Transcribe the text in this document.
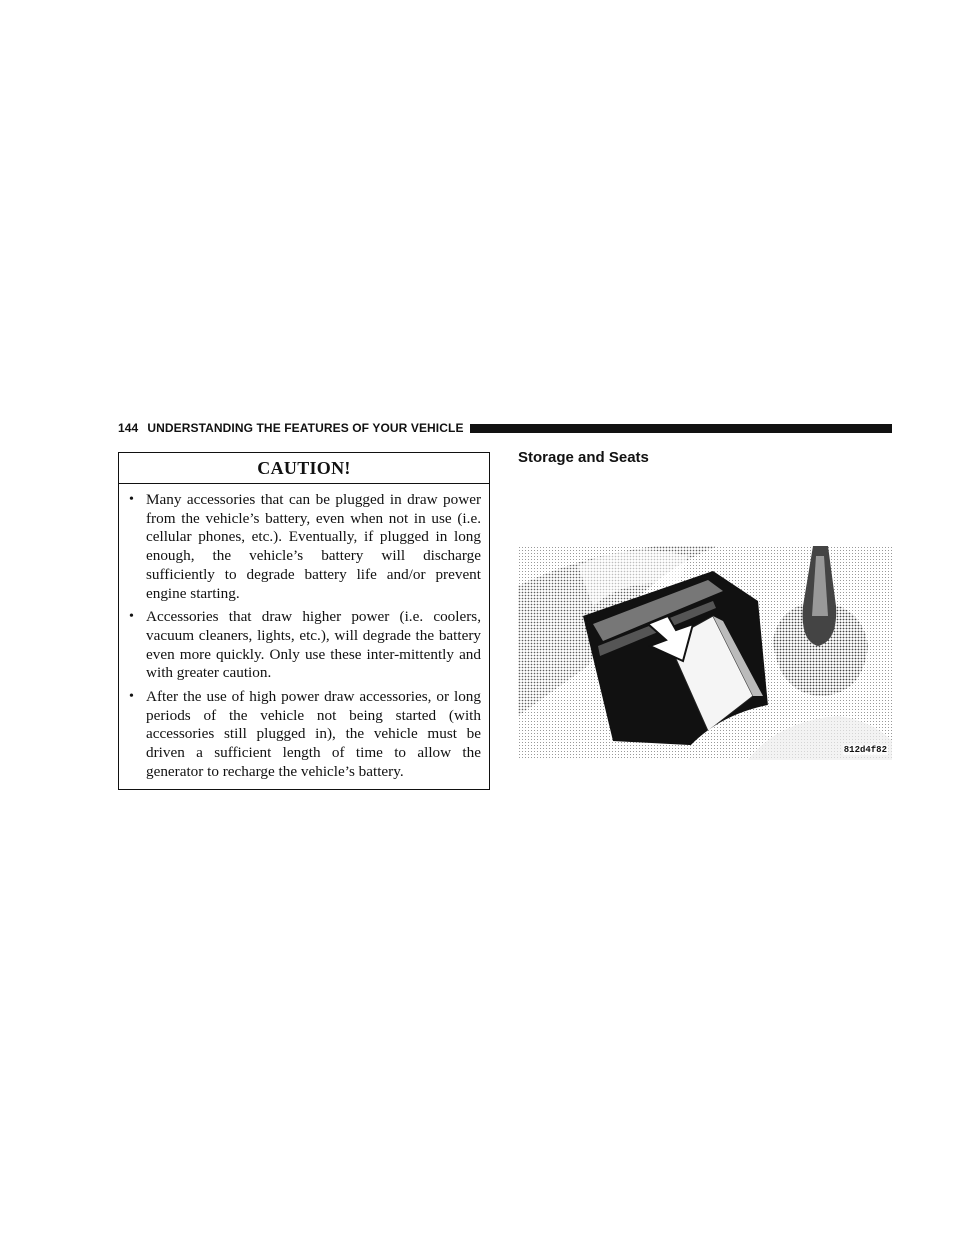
144 UNDERSTANDING THE FEATURES OF YOUR VEHICLE
CAUTION!
• Many accessories that can be plugged in draw power from the vehicle’s battery, even when not in use (i.e. cellular phones, etc.). Eventually, if plugged in long enough, the vehicle’s battery will discharge sufficiently to degrade battery life and/or prevent engine starting.
• Accessories that draw higher power (i.e. coolers, vacuum cleaners, lights, etc.), will degrade the battery even more quickly. Only use these inter-mittently and with greater caution.
• After the use of high power draw accessories, or long periods of the vehicle not being started (with accessories still plugged in), the vehicle must be driven a sufficient length of time to allow the generator to recharge the vehicle’s battery.
Storage and Seats
812d4f82
